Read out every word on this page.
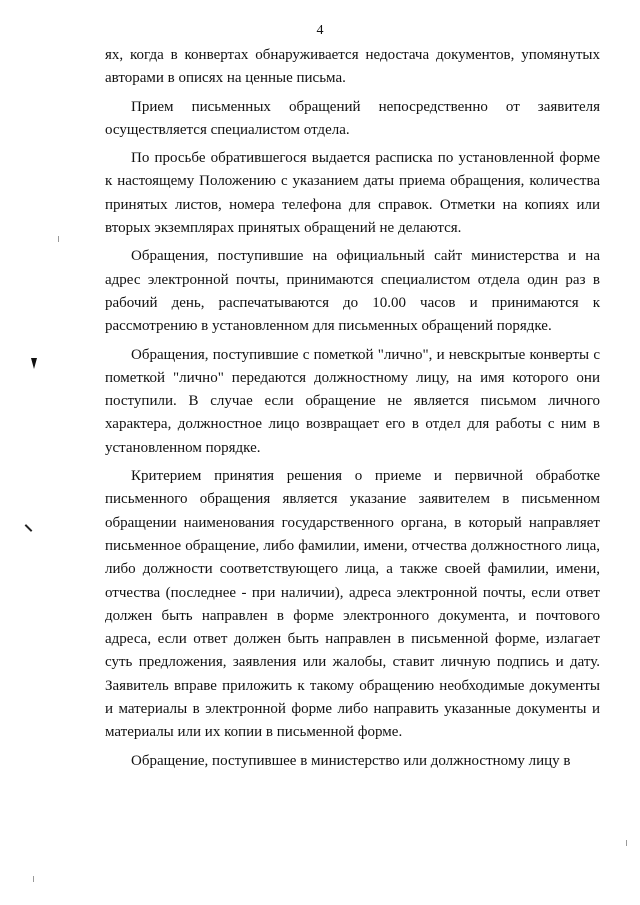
4

ях, когда в конвертах обнаруживается недостача документов, упомянутых авторами в описях на ценные письма.

Прием письменных обращений непосредственно от заявителя осуществляется специалистом отдела.

По просьбе обратившегося выдается расписка по установленной форме к настоящему Положению с указанием даты приема обращения, количества принятых листов, номера телефона для справок. Отметки на копиях или вторых экземплярах принятых обращений не делаются.

Обращения, поступившие на официальный сайт министерства и на адрес электронной почты, принимаются специалистом отдела один раз в рабочий день, распечатываются до 10.00 часов и принимаются к рассмотрению в установленном для письменных обращений порядке.

Обращения, поступившие с пометкой "лично", и невскрытые конверты с пометкой "лично" передаются должностному лицу, на имя которого они поступили. В случае если обращение не является письмом личного характера, должностное лицо возвращает его в отдел для работы с ним в установленном порядке.

Критерием принятия решения о приеме и первичной обработке письменного обращения является указание заявителем в письменном обращении наименования государственного органа, в который направляет письменное обращение, либо фамилии, имени, отчества должностного лица, либо должности соответствующего лица, а также своей фамилии, имени, отчества (последнее - при наличии), адреса электронной почты, если ответ должен быть направлен в форме электронного документа, и почтового адреса, если ответ должен быть направлен в письменной форме, излагает суть предложения, заявления или жалобы, ставит личную подпись и дату. Заявитель вправе приложить к такому обращению необходимые документы и материалы в электронной форме либо направить указанные документы и материалы или их копии в письменной форме.

Обращение, поступившее в министерство или должностному лицу в
